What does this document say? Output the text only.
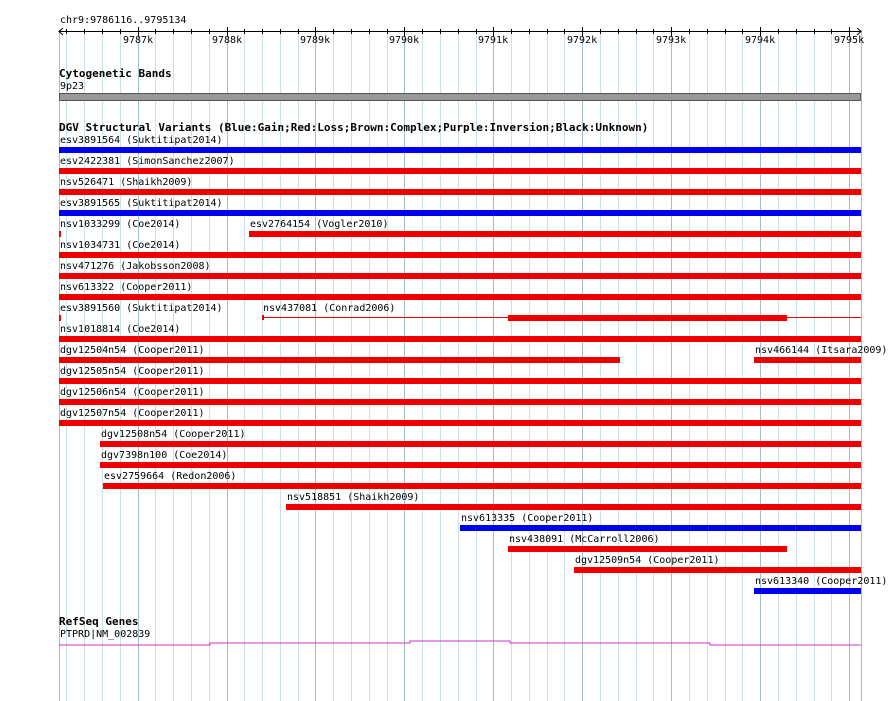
chr9:9786116..9795134
Cytogenetic Bands
9p23
DGV Structural Variants (Blue:Gain;Red:Loss;Brown:Complex;Purple:Inversion;Black:Unknown)
esv3891564 (Suktitipat2014)
esv2422381 (SimonSanchez2007)
nsv526471 (Shaikh2009)
esv3891565 (Suktitipat2014)
nsv1033299 (Coe2014)	esv2764154 (Vogler2010)
nsv1034731 (Coe2014)
nsv471276 (Jakobsson2008)
nsv613322 (Cooper2011)
esv3891560 (Suktitipat2014)	nsv437081 (Conrad2006)
nsv1018814 (Coe2014)
dgv12504n54 (Cooper2011)	nsv466144 (Itsara2009)
dgv12505n54 (Cooper2011)
dgv12506n54 (Cooper2011)
dgv12507n54 (Cooper2011)
dgv12508n54 (Cooper2011)
dgv7398n100 (Coe2014)
esv2759664 (Redon2006)
nsv518851 (Shaikh2009)
nsv613335 (Cooper2011)
nsv438091 (McCarroll2006)
dgv12509n54 (Cooper2011)
nsv613340 (Cooper2011)
RefSeq Genes
PTPRD|NM_002839
9787k	9788k	9789k	9790k	9791k	9792k	9793k	9794k	9795k
